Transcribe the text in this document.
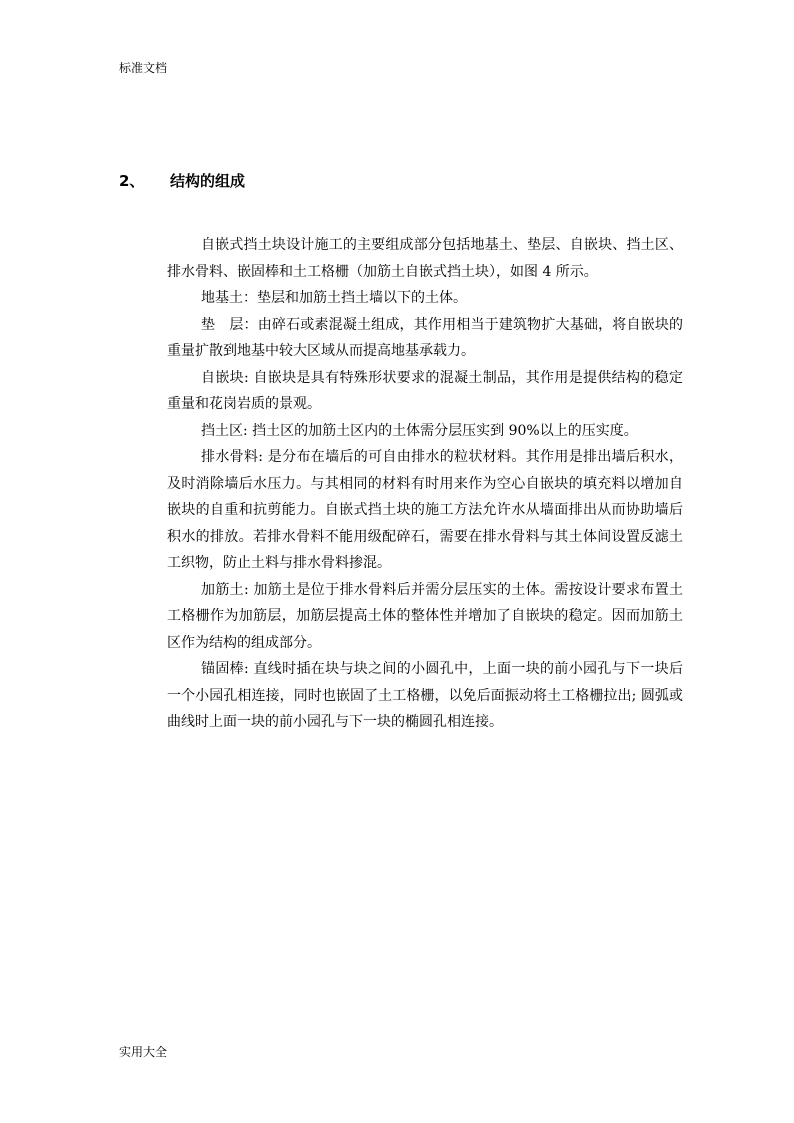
标准文档
2、 结构的组成

自嵌式挡土块设计施工的主要组成部分包括地基土、垫层、自嵌块、挡土区、排水骨料、嵌固棒和土工格栅（加筋土自嵌式挡土块），如图 4 所示。

地基土：垫层和加筋土挡土墙以下的土体。

垫　层：由碎石或素混凝土组成，其作用相当于建筑物扩大基础，将自嵌块的重量扩散到地基中较大区域从而提高地基承载力。

自嵌块: 自嵌块是具有特殊形状要求的混凝土制品，其作用是提供结构的稳定重量和花岗岩质的景观。

挡土区: 挡土区的加筋土区内的土体需分层压实到 90%以上的压实度。

排水骨料: 是分布在墙后的可自由排水的粒状材料。其作用是排出墙后积水，及时消除墙后水压力。与其相同的材料有时用来作为空心自嵌块的填充料以增加自嵌块的自重和抗剪能力。自嵌式挡土块的施工方法允许水从墙面排出从而协助墙后积水的排放。若排水骨料不能用级配碎石，需要在排水骨料与其土体间设置反滤土工织物，防止土料与排水骨料掺混。

加筋土: 加筋土是位于排水骨料后并需分层压实的土体。需按设计要求布置土工格栅作为加筋层，加筋层提高土体的整体性并增加了自嵌块的稳定。因而加筋土区作为结构的组成部分。

锚固棒: 直线时插在块与块之间的小圆孔中，上面一块的前小园孔与下一块后一个小园孔相连接，同时也嵌固了土工格栅，以免后面振动将土工格栅拉出; 圆弧或曲线时上面一块的前小园孔与下一块的椭圆孔相连接。

实用大全
